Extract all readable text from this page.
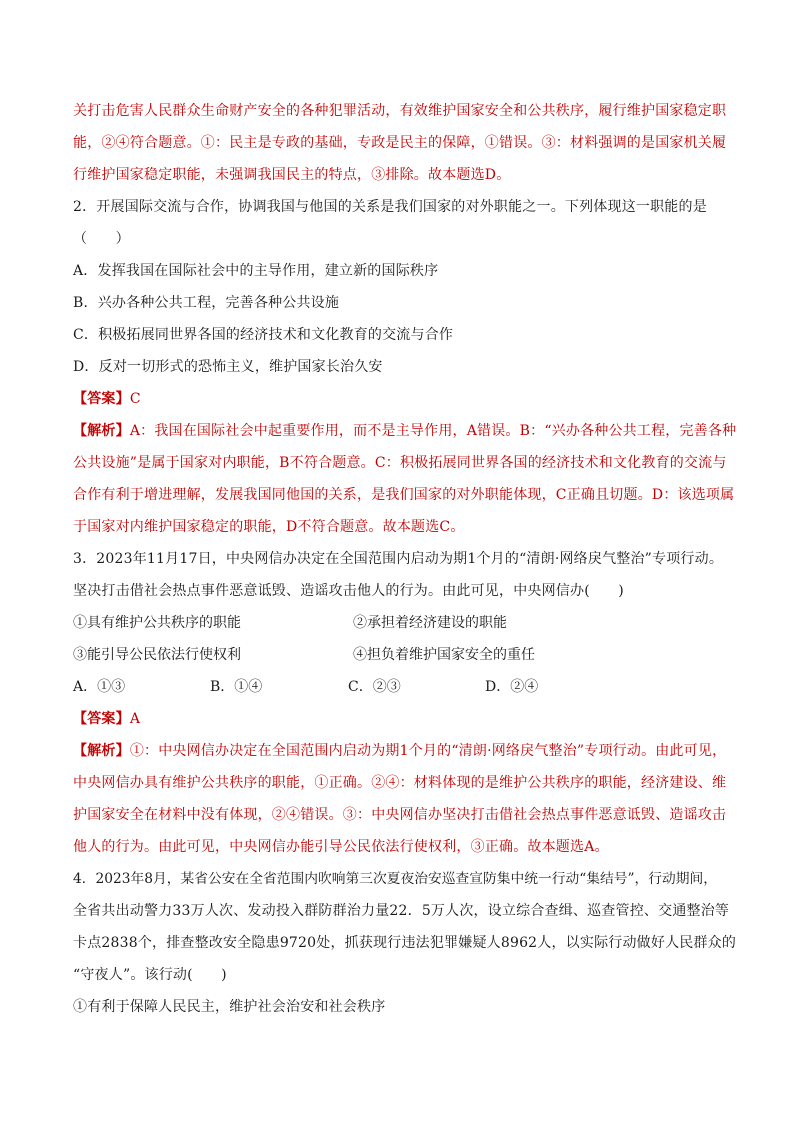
关打击危害人民群众生命财产安全的各种犯罪活动，有效维护国家安全和公共秩序，履行维护国家稳定职
能，②④符合题意。①：民主是专政的基础，专政是民主的保障，①错误。③：材料强调的是国家机关履
行维护国家稳定职能，未强调我国民主的特点，③排除。故本题选D。
2．开展国际交流与合作，协调我国与他国的关系是我们国家的对外职能之一。下列体现这一职能的是
（　　）
A．发挥我国在国际社会中的主导作用，建立新的国际秩序
B．兴办各种公共工程，完善各种公共设施
C．积极拓展同世界各国的经济技术和文化教育的交流与合作
D．反对一切形式的恐怖主义，维护国家长治久安
【答案】C
【解析】A：我国在国际社会中起重要作用，而不是主导作用，A错误。B：“兴办各种公共工程，完善各种
公共设施”是属于国家对内职能，B不符合题意。C：积极拓展同世界各国的经济技术和文化教育的交流与
合作有利于增进理解，发展我国同他国的关系，是我们国家的对外职能体现，C正确且切题。D：该选项属
于国家对内维护国家稳定的职能，D不符合题意。故本题选C。
3．2023年11月17日，中央网信办决定在全国范围内启动为期1个月的“清朗·网络戾气整治”专项行动。
坚决打击借社会热点事件恶意诋毁、造谣攻击他人的行为。由此可见，中央网信办(　　)
①具有维护公共秩序的职能	②承担着经济建设的职能
③能引导公民依法行使权利	④担负着维护国家安全的重任
A．①③	B．①④	C．②③	D．②④
【答案】A
【解析】①：中央网信办决定在全国范围内启动为期1个月的“清朗·网络戾气整治”专项行动。由此可见，
中央网信办具有维护公共秩序的职能，①正确。②④：材料体现的是维护公共秩序的职能，经济建设、维
护国家安全在材料中没有体现，②④错误。③：中央网信办坚决打击借社会热点事件恶意诋毁、造谣攻击
他人的行为。由此可见，中央网信办能引导公民依法行使权利，③正确。故本题选A。
4．2023年8月，某省公安在全省范围内吹响第三次夏夜治安巡查宣防集中统一行动“集结号”，行动期间，
全省共出动警力33万人次、发动投入群防群治力量22．5万人次，设立综合查缉、巡查管控、交通整治等
卡点2838个，排查整改安全隐患9720处，抓获现行违法犯罪嫌疑人8962人，以实际行动做好人民群众的
“守夜人”。该行动(　　)
①有利于保障人民民主，维护社会治安和社会秩序
